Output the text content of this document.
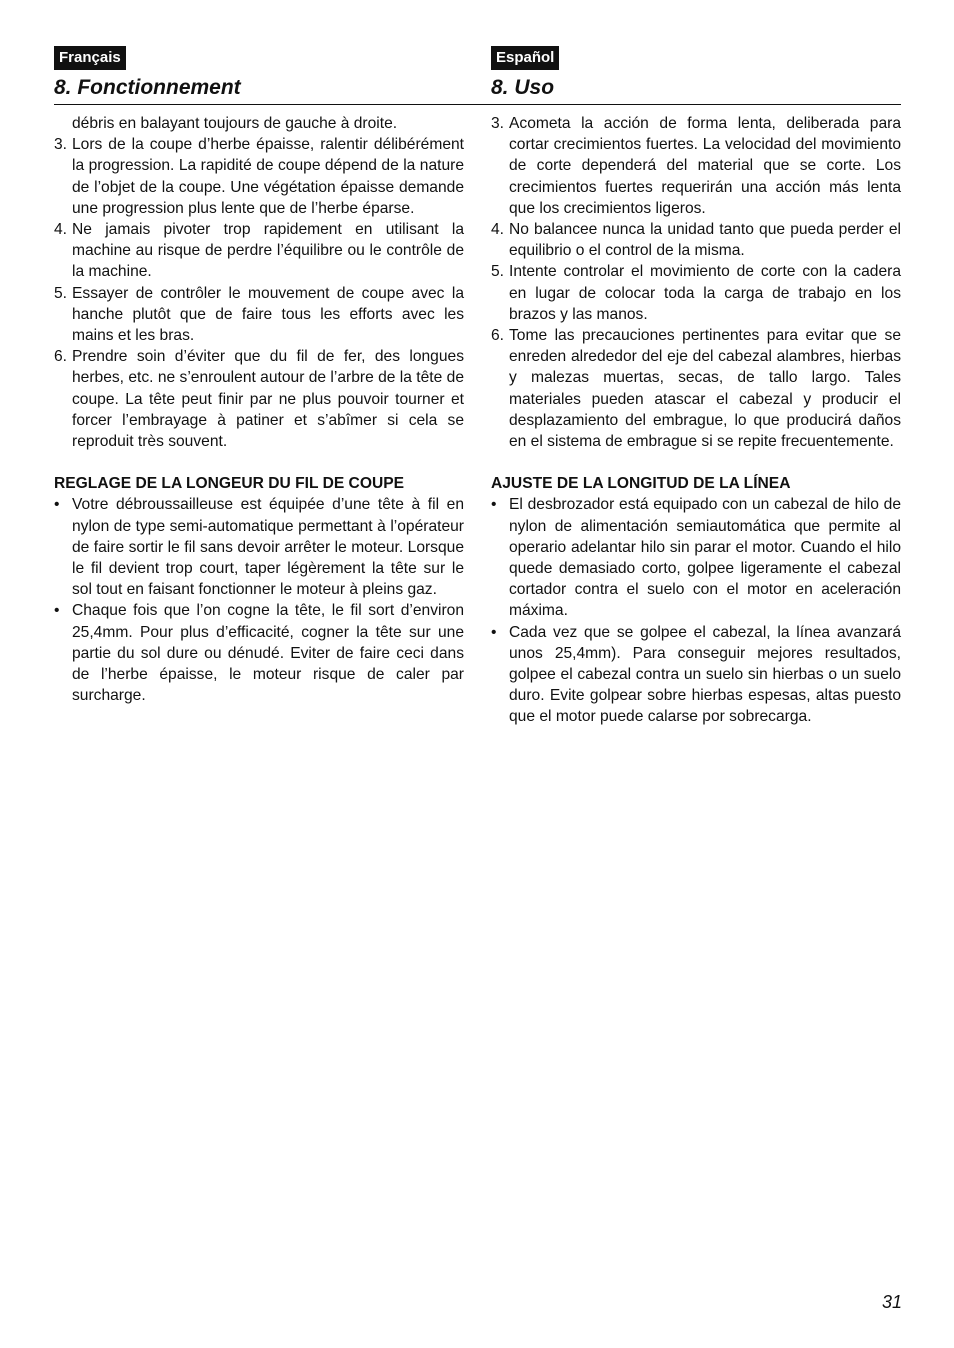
Français
8. Fonctionnement
Español
8. Uso
débris en balayant toujours de gauche à droite.
3. Lors de la coupe d’herbe épaisse, ralentir délibérément la progression. La rapidité de coupe dépend de la nature de l’objet de la coupe. Une végétation épaisse demande une progression plus lente que de l’herbe éparse.
4. Ne jamais pivoter trop rapidement en utilisant la machine au risque de perdre l’équilibre ou le contrôle de la machine.
5. Essayer de contrôler le mouvement de coupe avec la hanche plutôt que de faire tous les efforts avec les mains et les bras.
6. Prendre soin d’éviter que du fil de fer, des longues herbes, etc. ne s’enroulent autour de l’arbre de la tête de coupe. La tête peut finir par ne plus pouvoir tourner et forcer l’embrayage à patiner et s’abîmer si cela se reproduit très souvent.
REGLAGE DE LA LONGEUR DU FIL DE COUPE
• Votre débroussailleuse est équipée d’une tête à fil en nylon de type semi-automatique permettant à l’opérateur de faire sortir le fil sans devoir arrêter le moteur. Lorsque le fil devient trop court, taper légèrement la tête sur le sol tout en faisant fonctionner le moteur à pleins gaz.
• Chaque fois que l’on cogne la tête, le fil sort d’environ 25,4mm. Pour plus d’efficacité, cogner la tête sur une partie du sol dure ou dénudé. Eviter de faire ceci dans de l’herbe épaisse, le moteur risque de caler par surcharge.
3. Acometa la acción de forma lenta, deliberada para cortar crecimientos fuertes. La velocidad del movimiento de corte dependerá del material que se corte. Los crecimientos fuertes requerirán una acción más lenta que los crecimientos ligeros.
4. No balancee nunca la unidad tanto que pueda perder el equilibrio o el control de la misma.
5. Intente controlar el movimiento de corte con la cadera en lugar de colocar toda la carga de trabajo en los brazos y las manos.
6. Tome las precauciones pertinentes para evitar que se enreden alrededor del eje del cabezal alambres, hierbas y malezas muertas, secas, de tallo largo. Tales materiales pueden atascar el cabezal y producir el desplazamiento del embrague, lo que producirá daños en el sistema de embrague si se repite frecuentemente.
AJUSTE DE LA LONGITUD DE LA LÍNEA
• El desbrozador está equipado con un cabezal de hilo de nylon de alimentación semiautomática que permite al operario adelantar hilo sin parar el motor. Cuando el hilo quede demasiado corto, golpee ligeramente el cabezal cortador contra el suelo con el motor en aceleración máxima.
• Cada vez que se golpee el cabezal, la línea avanzará unos 25,4mm). Para conseguir mejores resultados, golpee el cabezal contra un suelo sin hierbas o un suelo duro. Evite golpear sobre hierbas espesas, altas puesto que el motor puede calarse por sobrecarga.
31
